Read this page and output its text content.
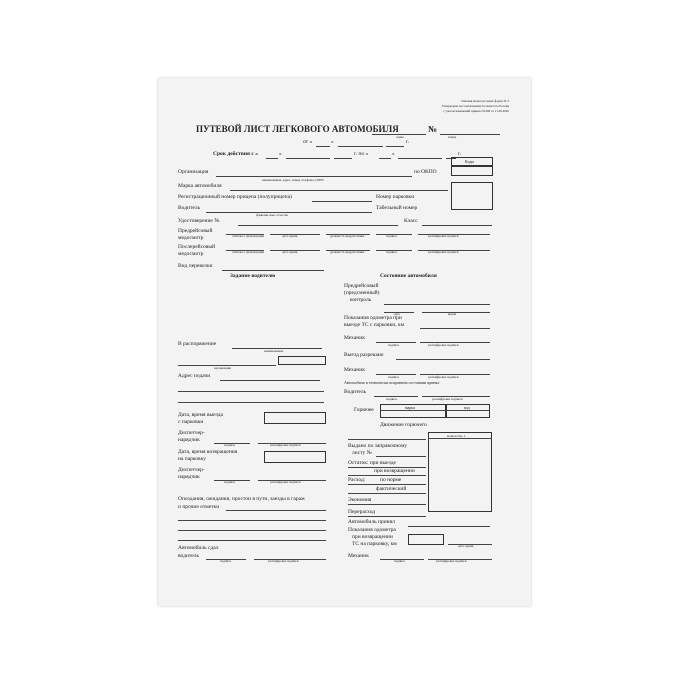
Типовая межотраслевая форма № 3
Утверждена постановлением Госкомстата России
с учетом изменений приказа №368 от 11.09.2020
ПУТЕВОЙ ЛИСТ ЛЕГКОВОГО АВТОМОБИЛЯ	№
серия	номер
от «	»	г.
Срок действия с «	»	г. по «	»	г.
Коды
Организация
наименование, адрес, номер телефона, ОГРН
по ОКПО
Марка автомобиля
Регистрационный номер прицепа (полуприцепа)	Номер парковки
Водитель
фамилия, имя, отчество
Табельный номер
Удостоверение №	Класс
Предрейсовый
медосмотр	отметка о прохождении	дата, время	должность медработника	подпись	расшифровка подписи
Послерейсовый
медосмотр	отметка о прохождении	дата, время	должность медработника	подпись	расшифровка подписи
Вид перевозки
Задание водителю	Состояние автомобиля
В распоряжение
наименование
организация
Адрес подачи
Дата, время выезда
с парковки
Диспетчер-
нарядчик
подпись	расшифровка подписи
Дата, время возвращения
на парковку
Диспетчер-
нарядчик
подпись	расшифровка подписи
Опоздания, ожидания, простои в пути, заезды в гараж
и прочие отметки
Автомобиль сдал
водитель
подпись	расшифровка подписи
Предрейсовый
(предсменный)
контроль
дата	время
Показания одометра при
выезде ТС с парковки, км
Механик
подпись	расшифровка подписи
Выезд разрешаю
Механик
подпись	расшифровка подписи
Автомобиль в технически исправном состоянии принял
Водитель
подпись	расшифровка подписи
Горючее	марка	код
Движение горючего
количество, л
Выдано по заправочному
листу №
Остаток: при выезде
при возвращении
Расход:	по норме
фактический
Экономия
Перерасход
Автомобиль принял
Показания одометра
при возвращении
ТС на парковку, км	дата, время
Механик
подпись	расшифровка подписи
